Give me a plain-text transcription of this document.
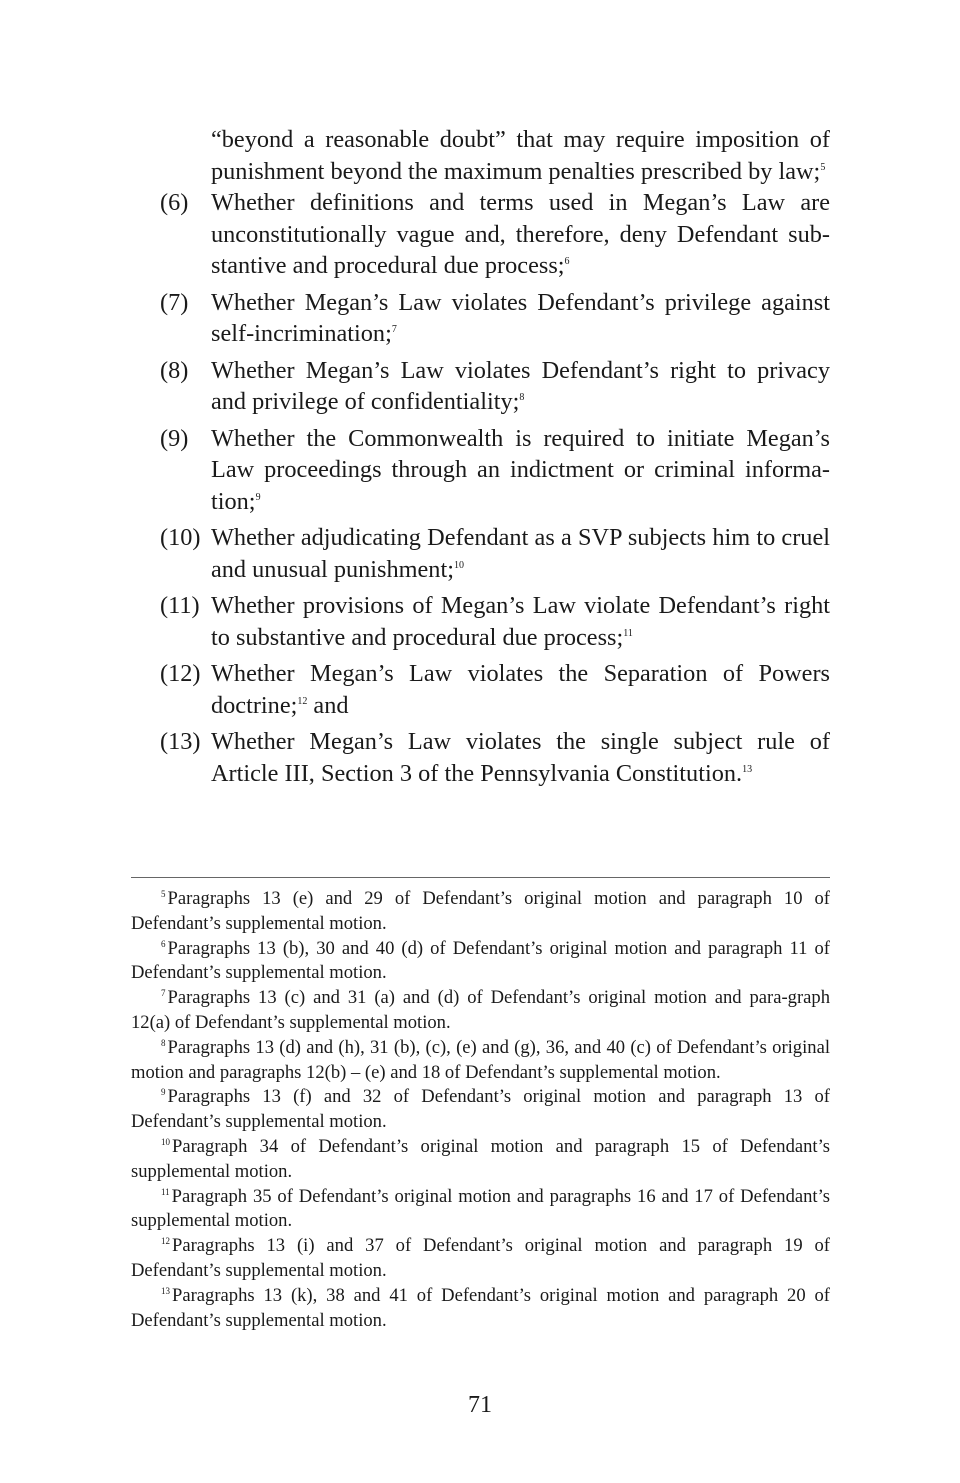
“beyond a reasonable doubt” that may require imposition of punishment beyond the maximum penalties prescribed by law;$^5$
(6) Whether definitions and terms used in Megan’s Law are unconstitutionally vague and, therefore, deny Defendant sub-stantive and procedural due process;$^6$
(7) Whether Megan’s Law violates Defendant’s privilege against self-incrimination;$^7$
(8) Whether Megan’s Law violates Defendant’s right to privacy and privilege of confidentiality;$^8$
(9) Whether the Commonwealth is required to initiate Megan’s Law proceedings through an indictment or criminal informa-tion;$^9$
(10) Whether adjudicating Defendant as a SVP subjects him to cruel and unusual punishment;$^{10}$
(11) Whether provisions of Megan’s Law violate Defendant’s right to substantive and procedural due process;$^{11}$
(12) Whether Megan’s Law violates the Separation of Powers doctrine;$^{12}$ and
(13) Whether Megan’s Law violates the single subject rule of Article III, Section 3 of the Pennsylvania Constitution.$^{13}$

$^5$ Paragraphs 13 (e) and 29 of Defendant’s original motion and paragraph 10 of Defendant’s supplemental motion.

$^6$ Paragraphs 13 (b), 30 and 40 (d) of Defendant’s original motion and paragraph 11 of Defendant’s supplemental motion.

$^7$ Paragraphs 13 (c) and 31 (a) and (d) of Defendant’s original motion and para-graph 12(a) of Defendant’s supplemental motion.

$^8$ Paragraphs 13 (d) and (h), 31 (b), (c), (e) and (g), 36, and 40 (c) of Defendant’s original motion and paragraphs 12(b) – (e) and 18 of Defendant’s supplemental motion.

$^9$ Paragraphs 13 (f) and 32 of Defendant’s original motion and paragraph 13 of Defendant’s supplemental motion.

$^{10}$ Paragraph 34 of Defendant’s original motion and paragraph 15 of Defendant’s supplemental motion.

$^{11}$ Paragraph 35 of Defendant’s original motion and paragraphs 16 and 17 of Defendant’s supplemental motion.

$^{12}$ Paragraphs 13 (i) and 37 of Defendant’s original motion and paragraph 19 of Defendant’s supplemental motion.

$^{13}$ Paragraphs 13 (k), 38 and 41 of Defendant’s original motion and paragraph 20 of Defendant’s supplemental motion.

71
